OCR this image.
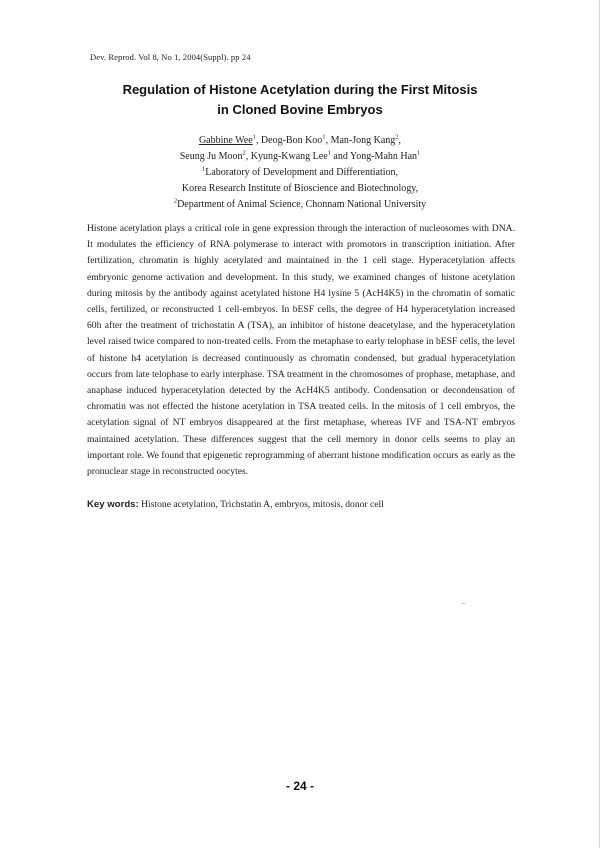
Dev. Reprod. Vol 8, No 1, 2004(Suppl). pp 24
Regulation of Histone Acetylation during the First Mitosis
in Cloned Bovine Embryos
Gabbine Wee$^1$, Deog-Bon Koo$^1$, Man-Jong Kang$^2$,
Seung Ju Moon$^2$, Kyung-Kwang Lee$^1$ and Yong-Mahn Han$^1$
$^1$Laboratory of Development and Differentiation,
Korea Research Institute of Bioscience and Biotechnology,
$^2$Department of Animal Science, Chonnam National University

Histone acetylation plays a critical role in gene expression through the interaction of nucleosomes with DNA. It modulates the efficiency of RNA polymerase to interact with promotors in transcription initiation. After fertilization, chromatin is highly acetylated and maintained in the 1 cell stage. Hyperacetylation affects embryonic genome activation and development. In this study, we examined changes of histone acetylation during mitosis by the antibody against acetylated histone H4 lysine 5 (AcH4K5) in the chromatin of somatic cells, fertilized, or reconstructed 1 cell-embryos. In bESF cells, the degree of H4 hyperacetylation increased 60h after the treatment of trichostatin A (TSA), an inhibitor of histone deacetylase, and the hyperacetylation level raised twice compared to non-treated cells. From the metaphase to early telophase in bESF cells, the level of histone h4 acetylation is decreased continuously as chromatin condensed, but gradual hyperacetylation occurs from late telophase to early interphase. TSA treatment in the chromosomes of prophase, metaphase, and anaphase induced hyperacetylation detected by the AcH4K5 antibody. Condensation or decondensation of chromatin was not effected the histone acetylation in TSA treated cells. In the mitosis of 1 cell embryos, the acetylation signal of NT embryos disappeared at the first metaphase, whereas IVF and TSA-NT embryos maintained acetylation. These differences suggest that the cell memory in donor cells seems to play an important role. We found that epigenetic reprogramming of aberrant histone modification occurs as early as the pronuclear stage in reconstructed oocytes.

Key words: Histone acetylation, Trichstatin A, embryos, mitosis, donor cell
- 24 -
